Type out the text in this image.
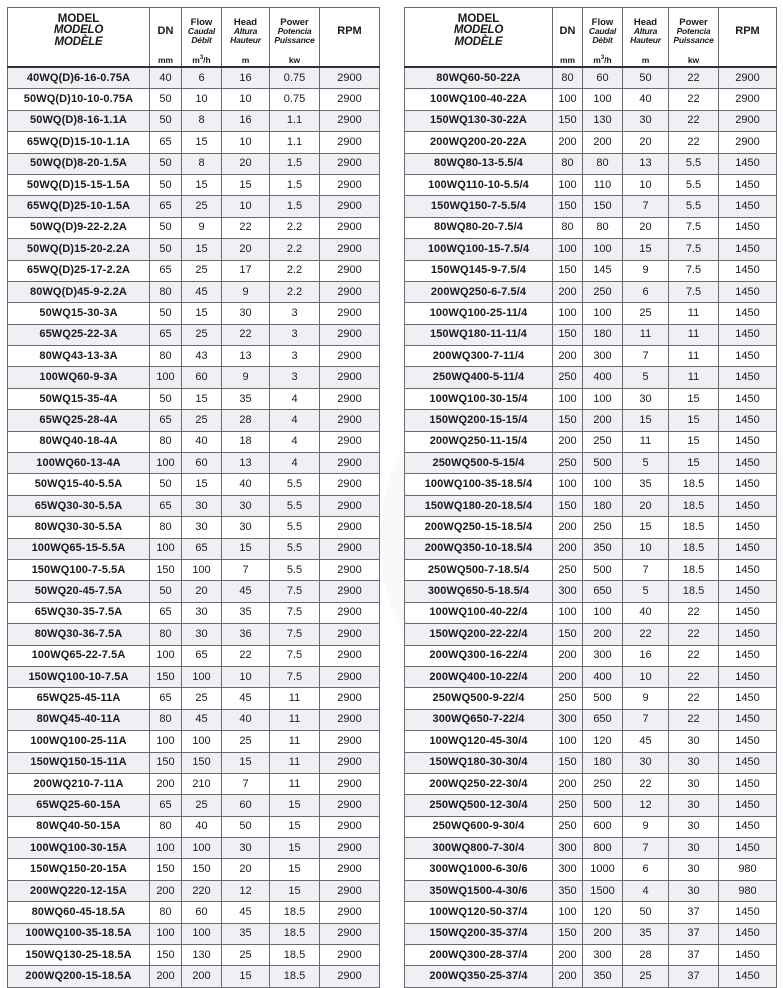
MODEL
MODELO
MODÈLE	DN	Flow
Caudal
Débit	Head
Altura
Hauteur	Power
Potencia
Puissance	RPM

	mm	$m^3/h$	m	kw	
40WQ(D)6-16-0.75A	40	6	16	0.75	2900
50WQ(D)10-10-0.75A	50	10	10	0.75	2900
50WQ(D)8-16-1.1A	50	8	16	1.1	2900
65WQ(D)15-10-1.1A	65	15	10	1.1	2900
50WQ(D)8-20-1.5A	50	8	20	1.5	2900
50WQ(D)15-15-1.5A	50	15	15	1.5	2900
65WQ(D)25-10-1.5A	65	25	10	1.5	2900
50WQ(D)9-22-2.2A	50	9	22	2.2	2900
50WQ(D)15-20-2.2A	50	15	20	2.2	2900
65WQ(D)25-17-2.2A	65	25	17	2.2	2900
80WQ(D)45-9-2.2A	80	45	9	2.2	2900
50WQ15-30-3A	50	15	30	3	2900
65WQ25-22-3A	65	25	22	3	2900
80WQ43-13-3A	80	43	13	3	2900
100WQ60-9-3A	100	60	9	3	2900
50WQ15-35-4A	50	15	35	4	2900
65WQ25-28-4A	65	25	28	4	2900
80WQ40-18-4A	80	40	18	4	2900
100WQ60-13-4A	100	60	13	4	2900
50WQ15-40-5.5A	50	15	40	5.5	2900
65WQ30-30-5.5A	65	30	30	5.5	2900
80WQ30-30-5.5A	80	30	30	5.5	2900
100WQ65-15-5.5A	100	65	15	5.5	2900
150WQ100-7-5.5A	150	100	7	5.5	2900
50WQ20-45-7.5A	50	20	45	7.5	2900
65WQ30-35-7.5A	65	30	35	7.5	2900
80WQ30-36-7.5A	80	30	36	7.5	2900
100WQ65-22-7.5A	100	65	22	7.5	2900
150WQ100-10-7.5A	150	100	10	7.5	2900
65WQ25-45-11A	65	25	45	11	2900
80WQ45-40-11A	80	45	40	11	2900
100WQ100-25-11A	100	100	25	11	2900
150WQ150-15-11A	150	150	15	11	2900
200WQ210-7-11A	200	210	7	11	2900
65WQ25-60-15A	65	25	60	15	2900
80WQ40-50-15A	80	40	50	15	2900
100WQ100-30-15A	100	100	30	15	2900
150WQ150-20-15A	150	150	20	15	2900
200WQ220-12-15A	200	220	12	15	2900
80WQ60-45-18.5A	80	60	45	18.5	2900
100WQ100-35-18.5A	100	100	35	18.5	2900
150WQ130-25-18.5A	150	130	25	18.5	2900
200WQ200-15-18.5A	200	200	15	18.5	2900
MODEL
MODELO
MODÈLE	DN	Flow
Caudal
Débit	Head
Altura
Hauteur	Power
Potencia
Puissance	RPM

	mm	$m^3/h$	m	kw	
80WQ60-50-22A	80	60	50	22	2900
100WQ100-40-22A	100	100	40	22	2900
150WQ130-30-22A	150	130	30	22	2900
200WQ200-20-22A	200	200	20	22	2900
80WQ80-13-5.5/4	80	80	13	5.5	1450
100WQ110-10-5.5/4	100	110	10	5.5	1450
150WQ150-7-5.5/4	150	150	7	5.5	1450
80WQ80-20-7.5/4	80	80	20	7.5	1450
100WQ100-15-7.5/4	100	100	15	7.5	1450
150WQ145-9-7.5/4	150	145	9	7.5	1450
200WQ250-6-7.5/4	200	250	6	7.5	1450
100WQ100-25-11/4	100	100	25	11	1450
150WQ180-11-11/4	150	180	11	11	1450
200WQ300-7-11/4	200	300	7	11	1450
250WQ400-5-11/4	250	400	5	11	1450
100WQ100-30-15/4	100	100	30	15	1450
150WQ200-15-15/4	150	200	15	15	1450
200WQ250-11-15/4	200	250	11	15	1450
250WQ500-5-15/4	250	500	5	15	1450
100WQ100-35-18.5/4	100	100	35	18.5	1450
150WQ180-20-18.5/4	150	180	20	18.5	1450
200WQ250-15-18.5/4	200	250	15	18.5	1450
200WQ350-10-18.5/4	200	350	10	18.5	1450
250WQ500-7-18.5/4	250	500	7	18.5	1450
300WQ650-5-18.5/4	300	650	5	18.5	1450
100WQ100-40-22/4	100	100	40	22	1450
150WQ200-22-22/4	150	200	22	22	1450
200WQ300-16-22/4	200	300	16	22	1450
200WQ400-10-22/4	200	400	10	22	1450
250WQ500-9-22/4	250	500	9	22	1450
300WQ650-7-22/4	300	650	7	22	1450
100WQ120-45-30/4	100	120	45	30	1450
150WQ180-30-30/4	150	180	30	30	1450
200WQ250-22-30/4	200	250	22	30	1450
250WQ500-12-30/4	250	500	12	30	1450
250WQ600-9-30/4	250	600	9	30	1450
300WQ800-7-30/4	300	800	7	30	1450
300WQ1000-6-30/6	300	1000	6	30	980
350WQ1500-4-30/6	350	1500	4	30	980
100WQ120-50-37/4	100	120	50	37	1450
150WQ200-35-37/4	150	200	35	37	1450
200WQ300-28-37/4	200	300	28	37	1450
200WQ350-25-37/4	200	350	25	37	1450
